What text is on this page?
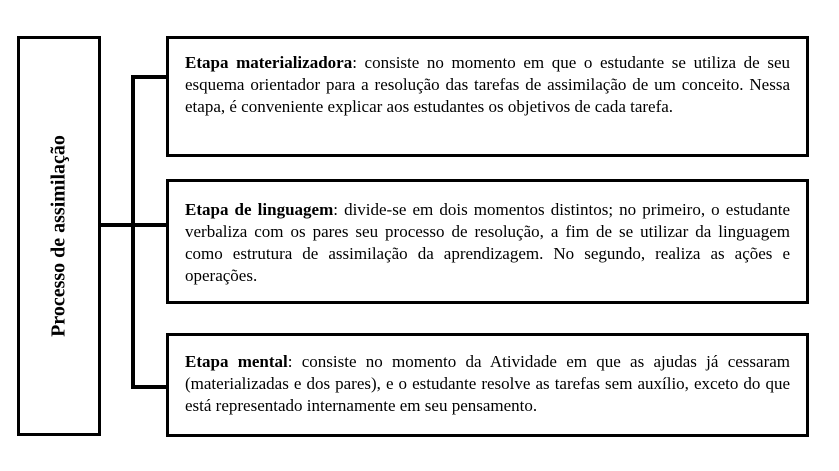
Processo de assimilação

Etapa materializadora: consiste no momento em que o estudante se utiliza de seu esquema orientador para a resolução das tarefas de assimilação de um conceito. Nessa etapa, é conveniente explicar aos estudantes os objetivos de cada tarefa.

Etapa de linguagem: divide-se em dois momentos distintos; no primeiro, o estudante verbaliza com os pares seu processo de resolução, a fim de se utilizar da linguagem como estrutura de assimilação da aprendizagem. No segundo, realiza as ações e operações.

Etapa mental: consiste no momento da Atividade em que as ajudas já cessaram (materializadas e dos pares), e o estudante resolve as tarefas sem auxílio, exceto do que está representado internamente em seu pensamento.
